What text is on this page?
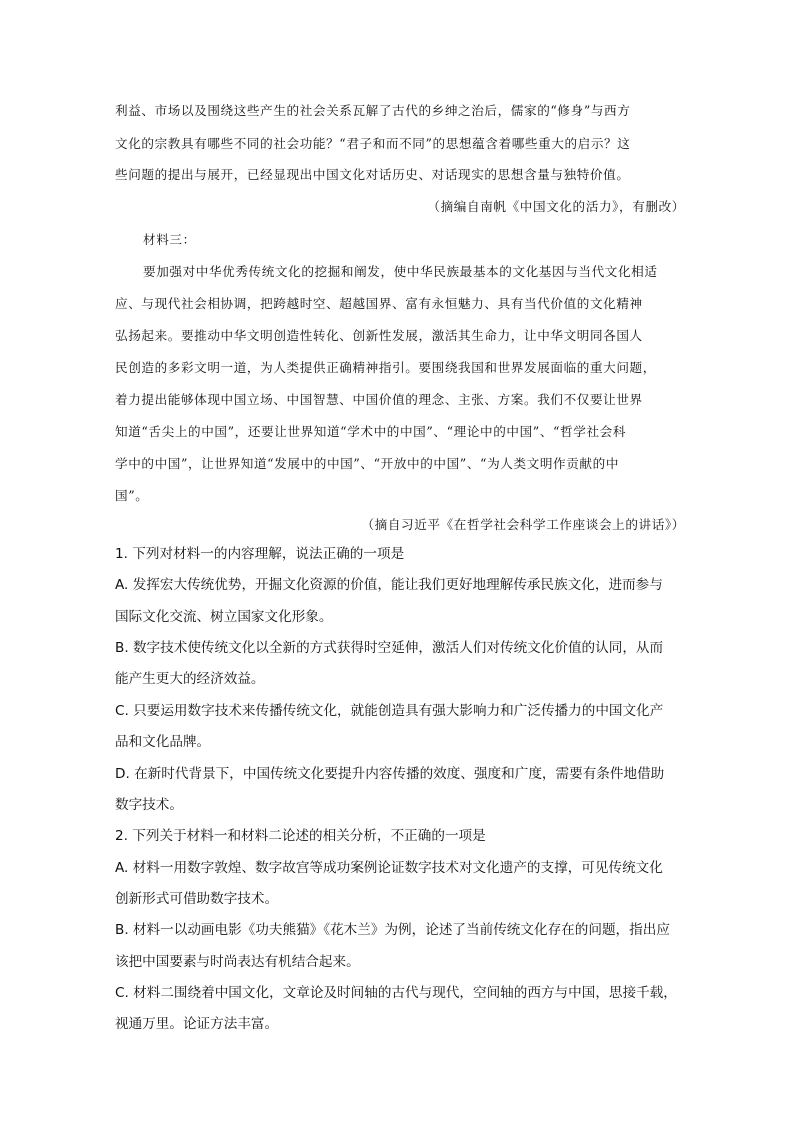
利益、市场以及围绕这些产生的社会关系瓦解了古代的乡绅之治后，儒家的“修身”与西方
文化的宗教具有哪些不同的社会功能？“君子和而不同”的思想蕴含着哪些重大的启示？这
些问题的提出与展开，已经显现出中国文化对话历史、对话现实的思想含量与独特价值。
（摘编自南帆《中国文化的活力》，有删改）
材料三：
要加强对中华优秀传统文化的挖掘和阐发，使中华民族最基本的文化基因与当代文化相适
应、与现代社会相协调，把跨越时空、超越国界、富有永恒魅力、具有当代价值的文化精神
弘扬起来。要推动中华文明创造性转化、创新性发展，激活其生命力，让中华文明同各国人
民创造的多彩文明一道，为人类提供正确精神指引。要围绕我国和世界发展面临的重大问题，
着力提出能够体现中国立场、中国智慧、中国价值的理念、主张、方案。我们不仅要让世界
知道“舌尖上的中国”，还要让世界知道“学术中的中国”、“理论中的中国”、“哲学社会科
学中的中国”，让世界知道“发展中的中国”、“开放中的中国”、“为人类文明作贡献的中
国”。
（摘自习近平《在哲学社会科学工作座谈会上的讲话》）
1. 下列对材料一的内容理解，说法正确的一项是
A. 发挥宏大传统优势，开掘文化资源的价值，能让我们更好地理解传承民族文化，进而参与
国际文化交流、树立国家文化形象。
B. 数字技术使传统文化以全新的方式获得时空延伸，激活人们对传统文化价值的认同，从而
能产生更大的经济效益。
C. 只要运用数字技术来传播传统文化，就能创造具有强大影响力和广泛传播力的中国文化产
品和文化品牌。
D. 在新时代背景下，中国传统文化要提升内容传播的效度、强度和广度，需要有条件地借助
数字技术。
2. 下列关于材料一和材料二论述的相关分析，不正确的一项是
A. 材料一用数字敦煌、数字故宫等成功案例论证数字技术对文化遗产的支撑，可见传统文化
创新形式可借助数字技术。
B. 材料一以动画电影《功夫熊猫》《花木兰》为例，论述了当前传统文化存在的问题，指出应
该把中国要素与时尚表达有机结合起来。
C. 材料二围绕着中国文化，文章论及时间轴的古代与现代，空间轴的西方与中国，思接千载，
视通万里。论证方法丰富。
